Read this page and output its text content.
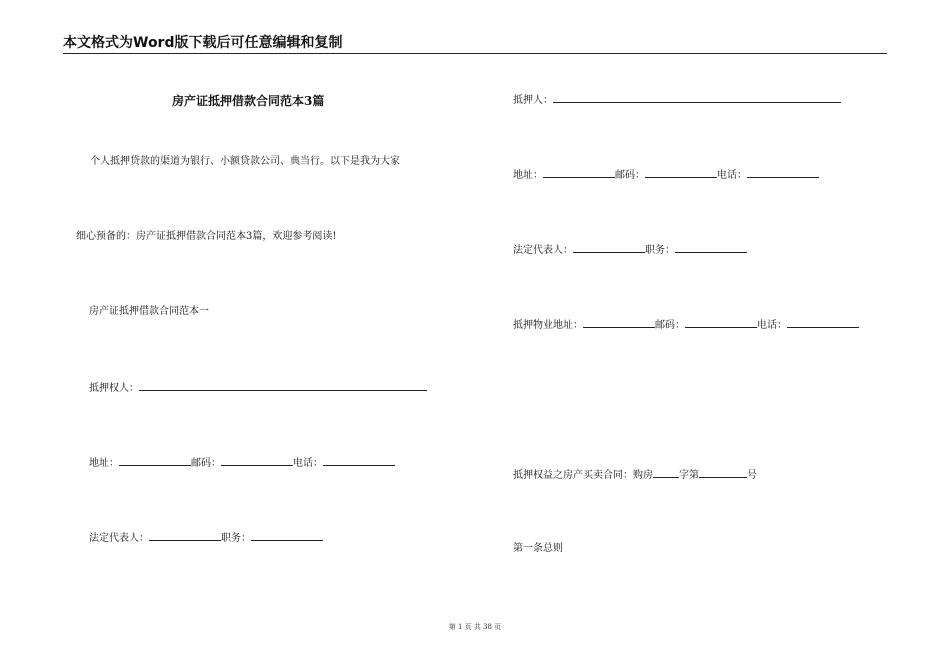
本文格式为Word版下载后可任意编辑和复制
房产证抵押借款合同范本3篇
个人抵押贷款的渠道为银行、小额贷款公司、典当行。以下是我为大家
细心预备的：房产证抵押借款合同范本3篇，欢迎参考阅读!
房产证抵押借款合同范本一
抵押权人：
地址：	邮码：	电话：
法定代表人：	职务：
抵押人：
地址：	邮码：	电话：
法定代表人：	职务：
抵押物业地址：	邮码：	电话：
抵押权益之房产买卖合同：购房	字第	号
第一条总则
第 1 页 共 38 页
